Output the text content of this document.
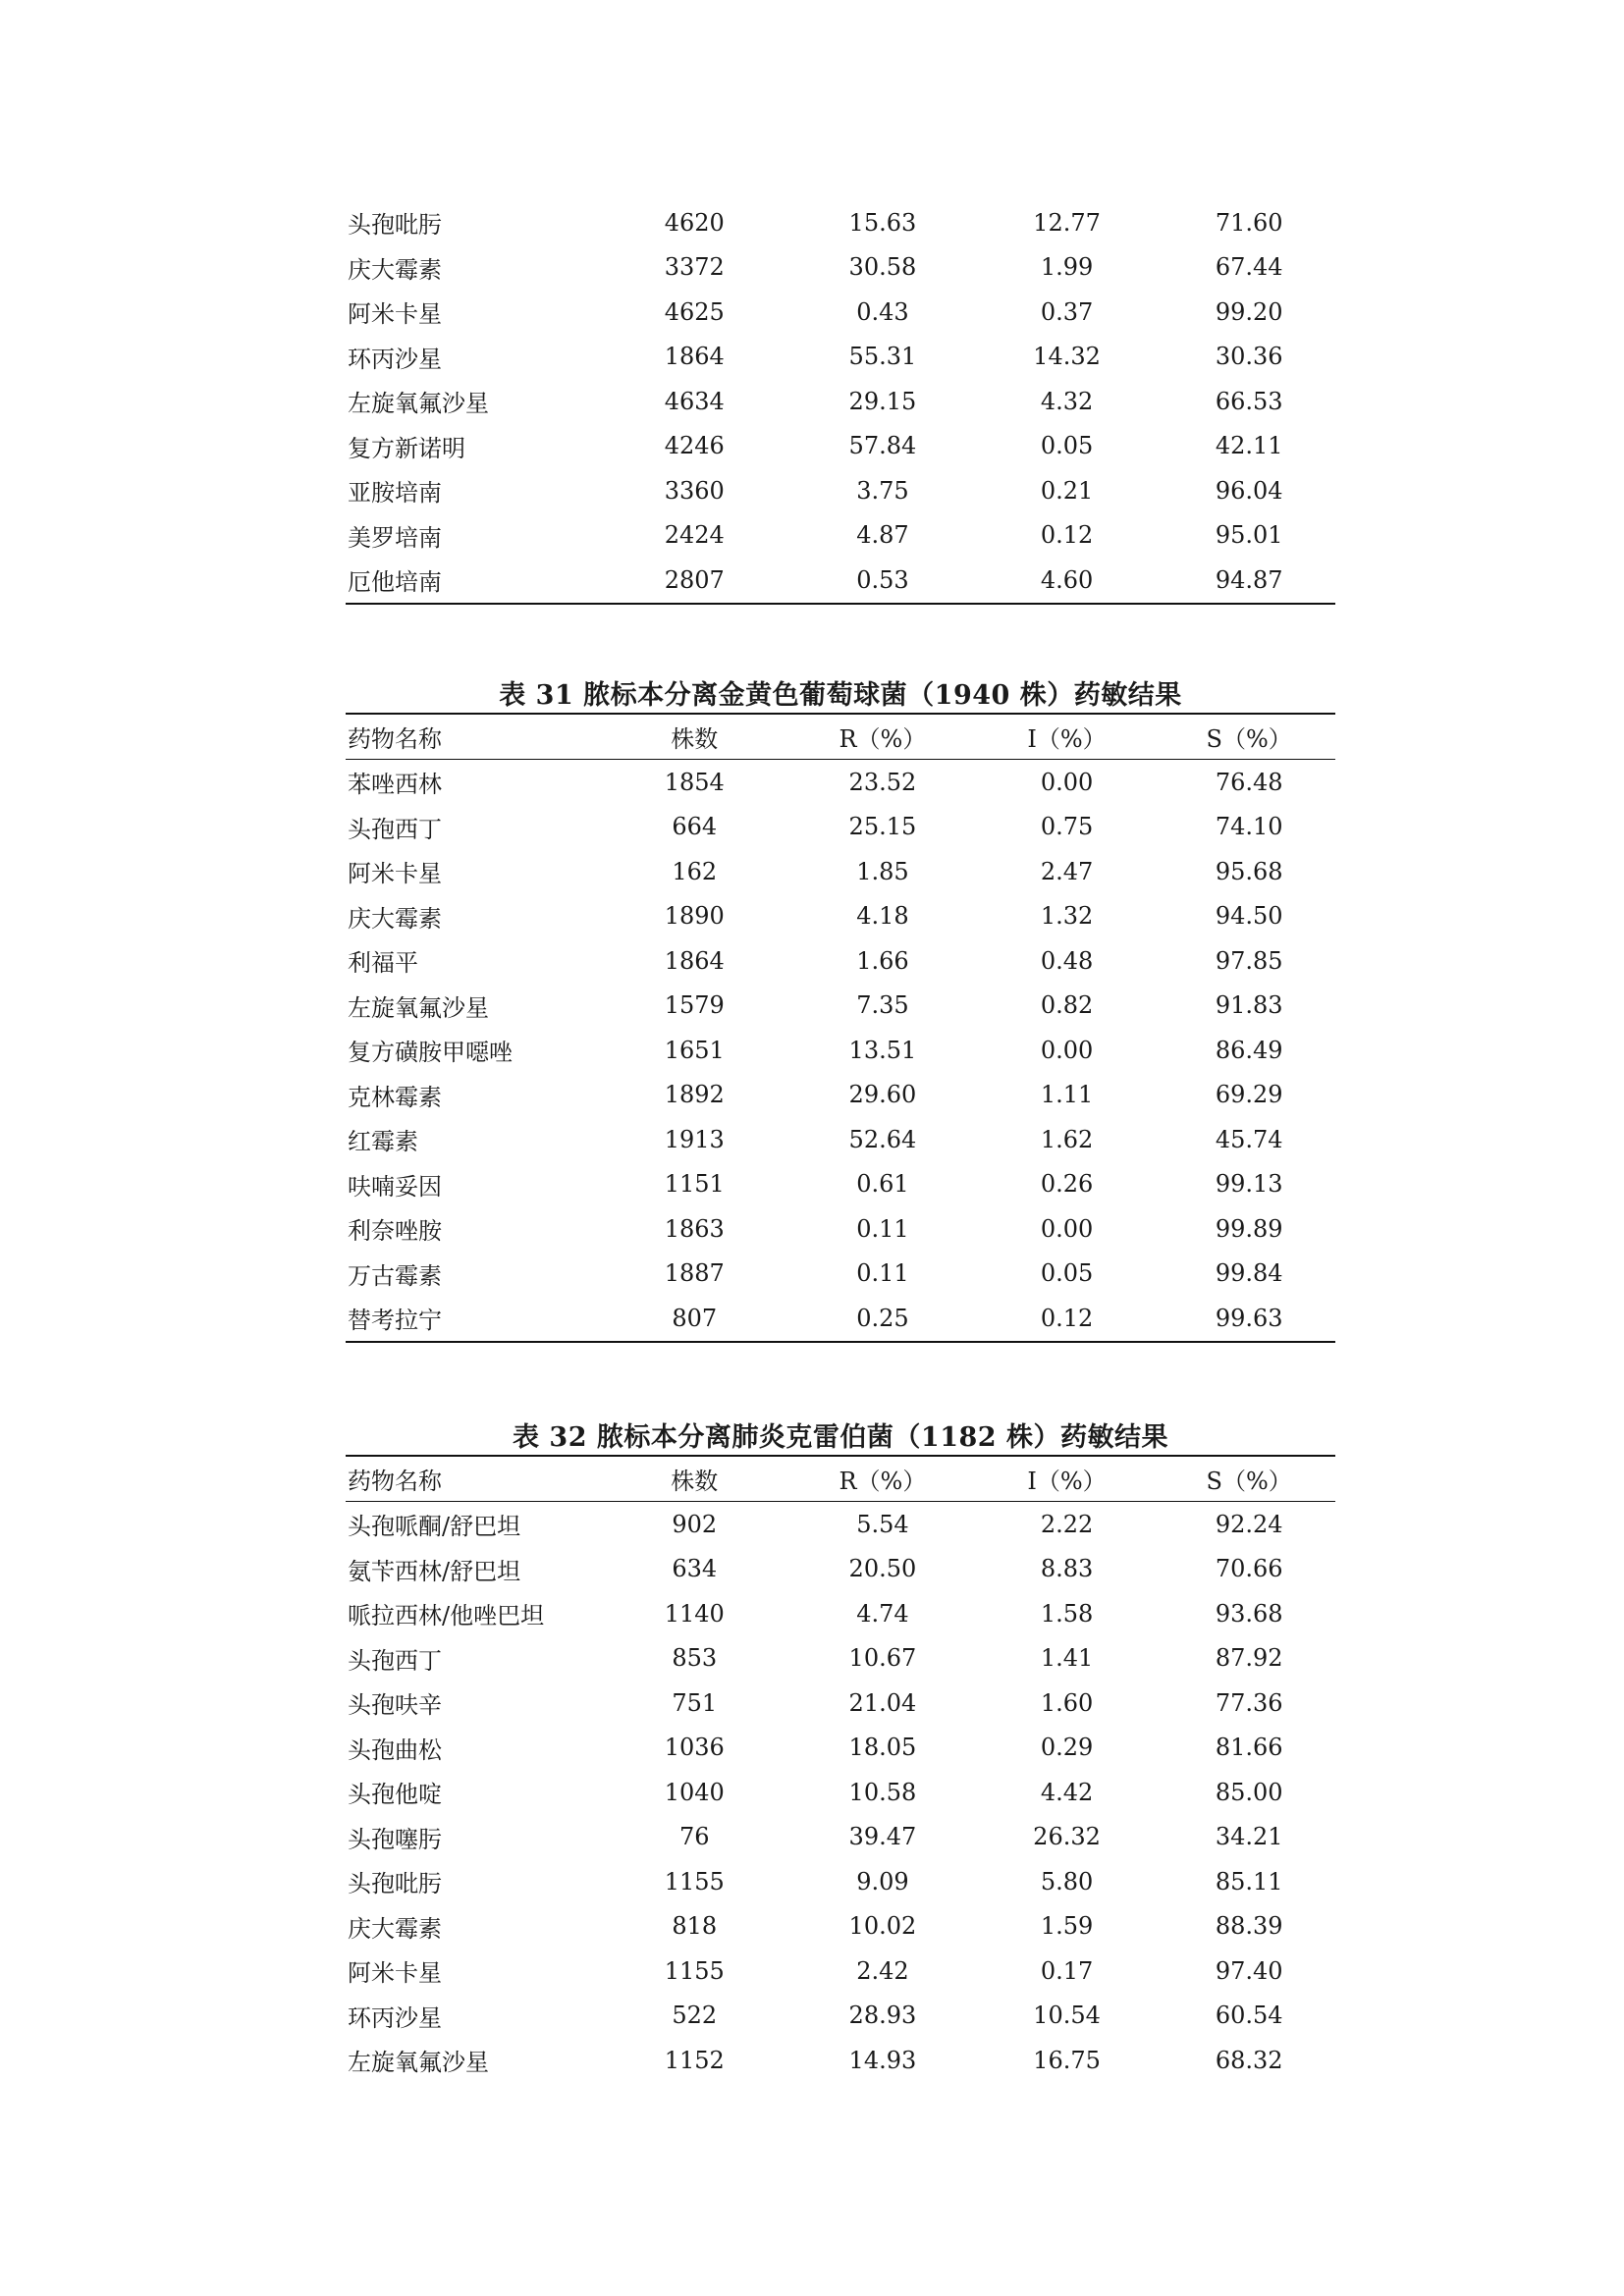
头孢吡肟	4620	15.63	12.77	71.60
庆大霉素	3372	30.58	1.99	67.44
阿米卡星	4625	0.43	0.37	99.20
环丙沙星	1864	55.31	14.32	30.36
左旋氧氟沙星	4634	29.15	4.32	66.53
复方新诺明	4246	57.84	0.05	42.11
亚胺培南	3360	3.75	0.21	96.04
美罗培南	2424	4.87	0.12	95.01
厄他培南	2807	0.53	4.60	94.87
表 31 脓标本分离金黄色葡萄球菌（1940 株）药敏结果
药物名称	株数	R（%）	I（%）	S（%）
苯唑西林	1854	23.52	0.00	76.48
头孢西丁	664	25.15	0.75	74.10
阿米卡星	162	1.85	2.47	95.68
庆大霉素	1890	4.18	1.32	94.50
利福平	1864	1.66	0.48	97.85
左旋氧氟沙星	1579	7.35	0.82	91.83
复方磺胺甲噁唑	1651	13.51	0.00	86.49
克林霉素	1892	29.60	1.11	69.29
红霉素	1913	52.64	1.62	45.74
呋喃妥因	1151	0.61	0.26	99.13
利奈唑胺	1863	0.11	0.00	99.89
万古霉素	1887	0.11	0.05	99.84
替考拉宁	807	0.25	0.12	99.63
表 32 脓标本分离肺炎克雷伯菌（1182 株）药敏结果
药物名称	株数	R（%）	I（%）	S（%）
头孢哌酮/舒巴坦	902	5.54	2.22	92.24
氨苄西林/舒巴坦	634	20.50	8.83	70.66
哌拉西林/他唑巴坦	1140	4.74	1.58	93.68
头孢西丁	853	10.67	1.41	87.92
头孢呋辛	751	21.04	1.60	77.36
头孢曲松	1036	18.05	0.29	81.66
头孢他啶	1040	10.58	4.42	85.00
头孢噻肟	76	39.47	26.32	34.21
头孢吡肟	1155	9.09	5.80	85.11
庆大霉素	818	10.02	1.59	88.39
阿米卡星	1155	2.42	0.17	97.40
环丙沙星	522	28.93	10.54	60.54
左旋氧氟沙星	1152	14.93	16.75	68.32
